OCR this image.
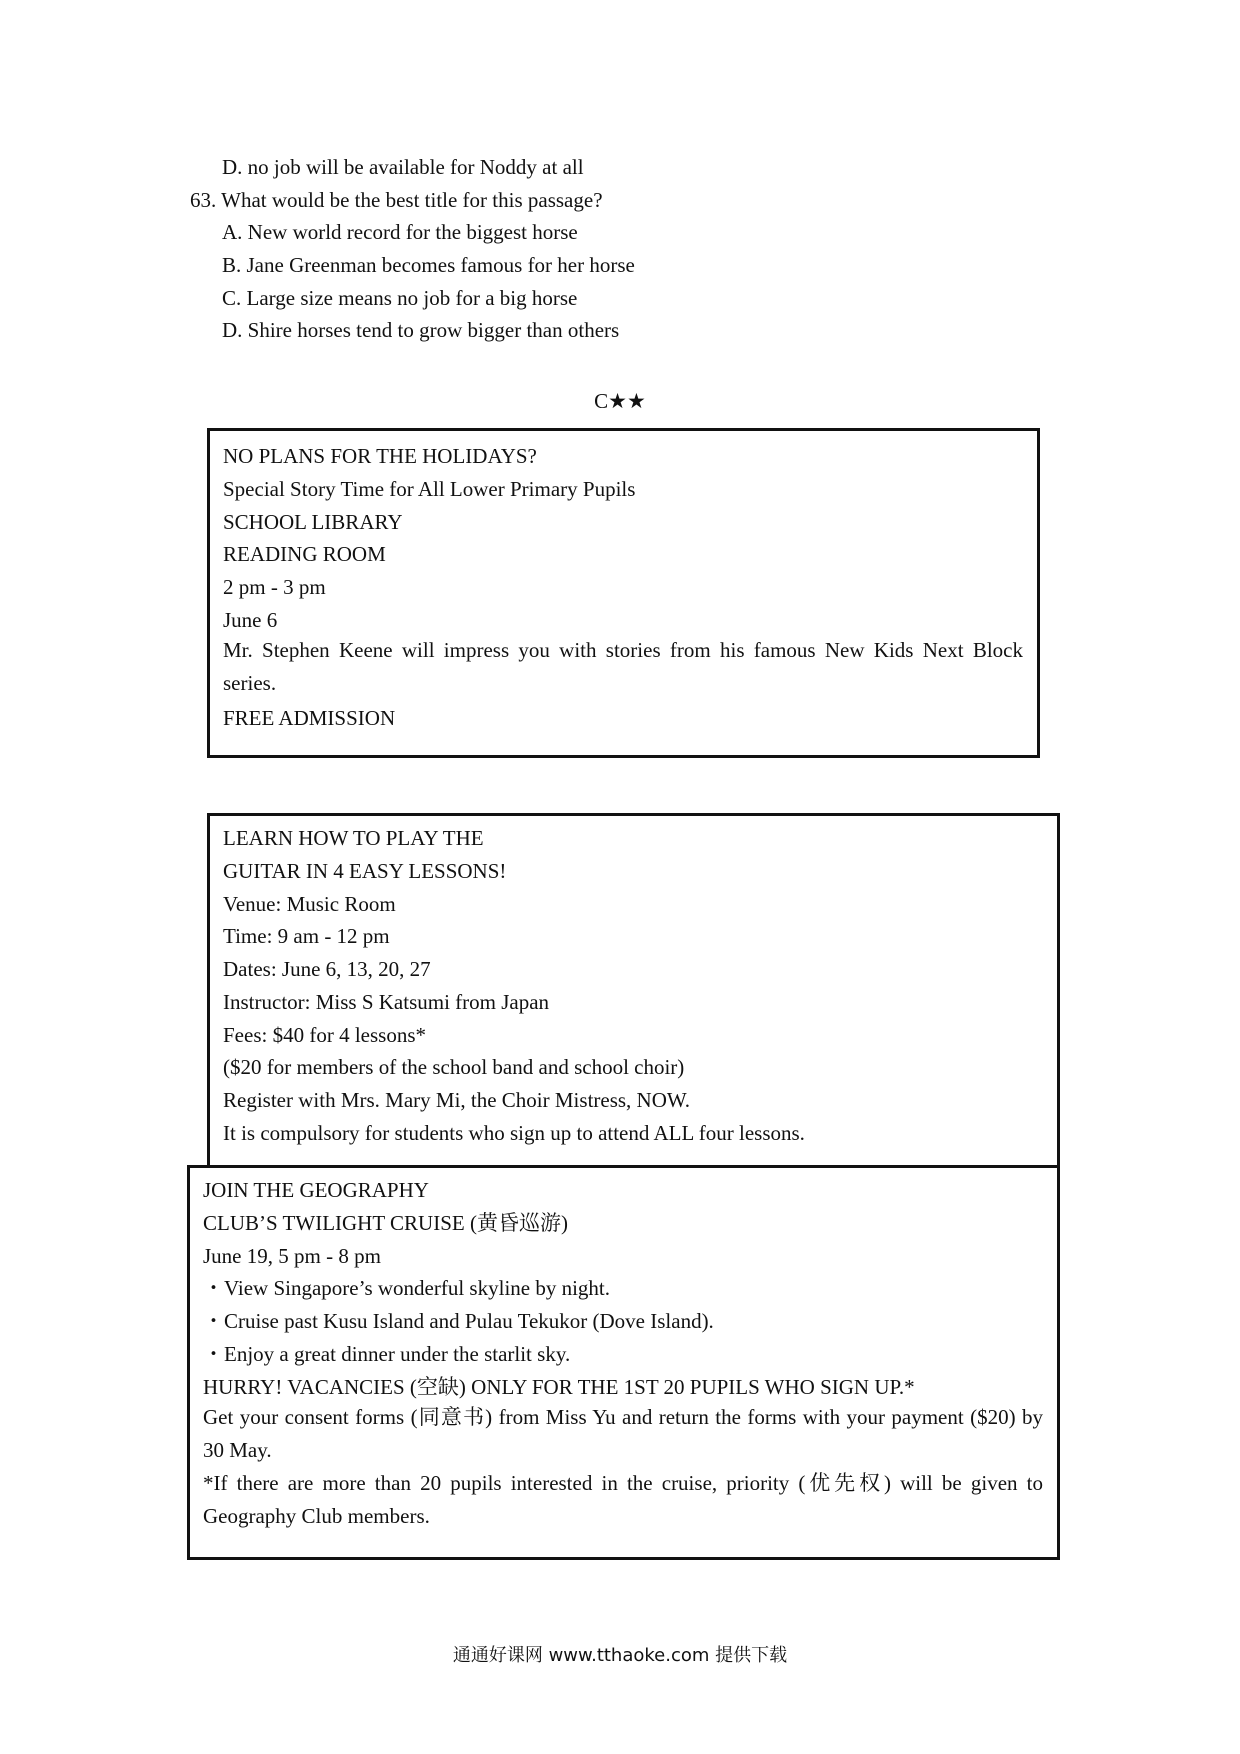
D. no job will be available for Noddy at all
63. What would be the best title for this passage?
A. New world record for the biggest horse
B. Jane Greenman becomes famous for her horse
C. Large size means no job for a big horse
D. Shire horses tend to grow bigger than others
C★★
NO PLANS FOR THE HOLIDAYS?
Special Story Time for All Lower Primary Pupils
SCHOOL LIBRARY
READING ROOM
2 pm - 3 pm
June 6
Mr. Stephen Keene will impress you with stories from his famous New Kids Next Block series.
FREE ADMISSION
LEARN HOW TO PLAY THE
GUITAR IN 4 EASY LESSONS!
Venue: Music Room
Time: 9 am - 12 pm
Dates: June 6, 13, 20, 27
Instructor: Miss S Katsumi from Japan
Fees: $40 for 4 lessons*
($20 for members of the school band and school choir)
Register with Mrs. Mary Mi, the Choir Mistress, NOW.
It is compulsory for students who sign up to attend ALL four lessons.
JOIN THE GEOGRAPHY
CLUB’S TWILIGHT CRUISE (黄昏巡游)
June 19, 5 pm - 8 pm
・View Singapore’s wonderful skyline by night.
・Cruise past Kusu Island and Pulau Tekukor (Dove Island).
・Enjoy a great dinner under the starlit sky.
HURRY! VACANCIES (空缺) ONLY FOR THE 1ST 20 PUPILS WHO SIGN UP.*
Get your consent forms (同意书) from Miss Yu and return the forms with your payment ($20) by 30 May.
*If there are more than 20 pupils interested in the cruise, priority (优先权) will be given to Geography Club members.
通通好课网 www.tthaoke.com 提供下载
